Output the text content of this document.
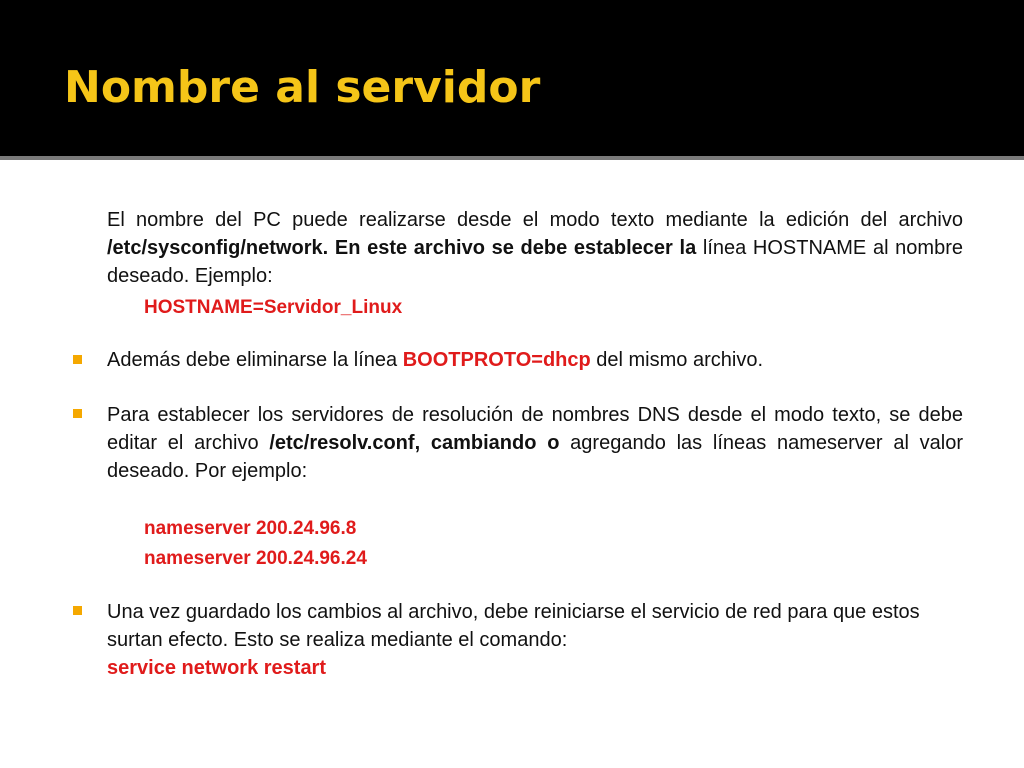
Nombre al servidor
El nombre del PC puede realizarse desde el modo texto mediante la edición del archivo /etc/sysconfig/network. En este archivo se debe establecer la línea HOSTNAME al nombre deseado. Ejemplo:
HOSTNAME=Servidor_Linux
Además debe eliminarse la línea BOOTPROTO=dhcp del mismo archivo.
Para establecer los servidores de resolución de nombres DNS desde el modo texto, se debe editar el archivo /etc/resolv.conf, cambiando o agregando las líneas nameserver al valor deseado. Por ejemplo:
nameserver 200.24.96.8
nameserver 200.24.96.24
Una vez guardado los cambios al archivo, debe reiniciarse el servicio de red para que estos surtan efecto. Esto se realiza mediante el comando:
service network restart
